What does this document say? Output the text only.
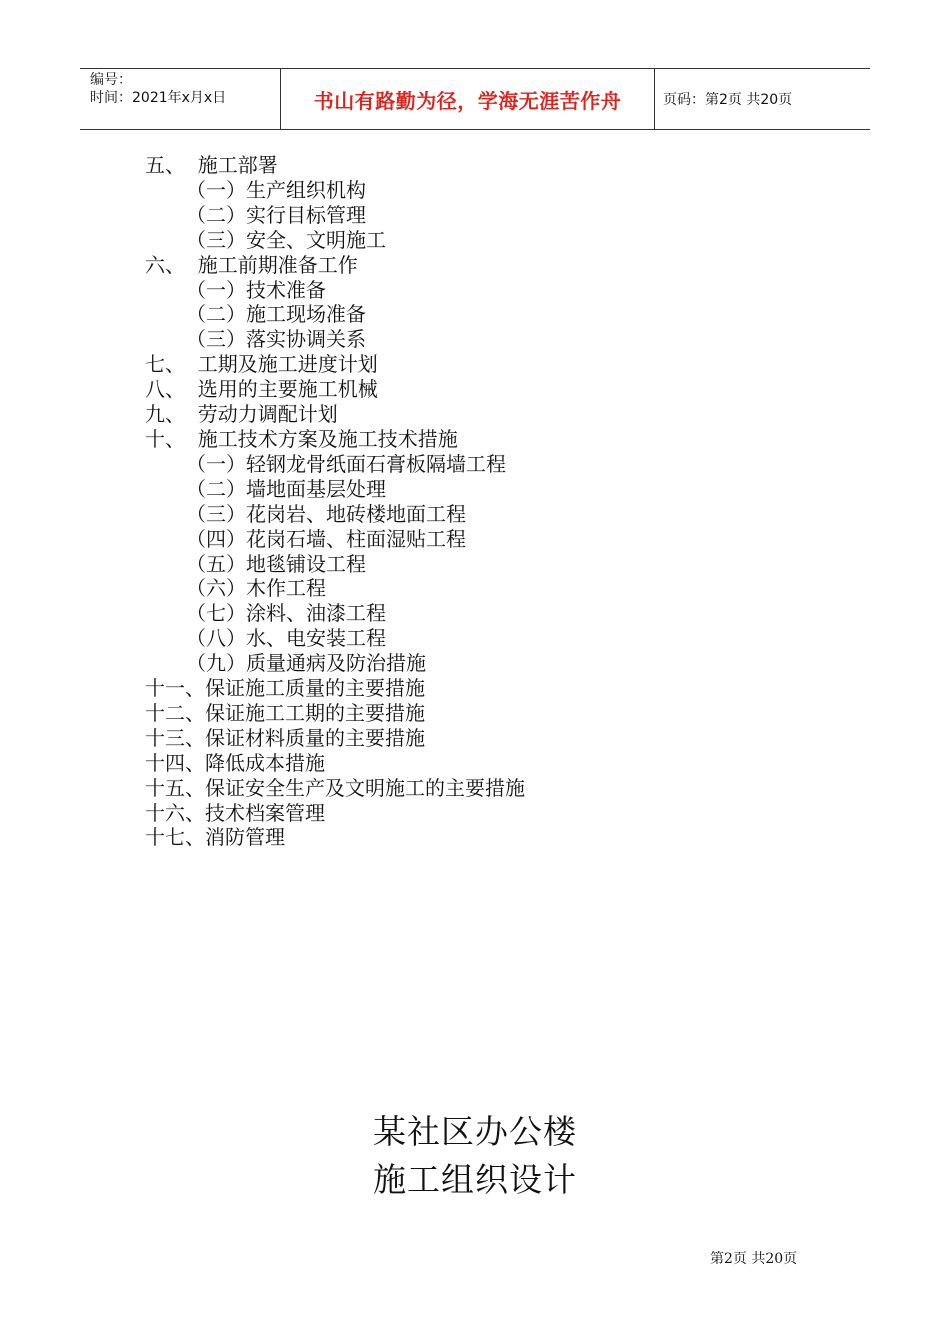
编号：
时间：2021年x月x日	书山有路勤为径，学海无涯苦作舟	页码：第2页 共20页
五、  施工部署
（一）生产组织机构
（二）实行目标管理
（三）安全、文明施工
六、  施工前期准备工作
（一）技术准备
（二）施工现场准备
（三）落实协调关系
七、  工期及施工进度计划
八、  选用的主要施工机械
九、  劳动力调配计划
十、  施工技术方案及施工技术措施
（一）轻钢龙骨纸面石膏板隔墙工程
（二）墙地面基层处理
（三）花岗岩、地砖楼地面工程
（四）花岗石墙、柱面湿贴工程
（五）地毯铺设工程
（六）木作工程
（七）涂料、油漆工程
（八）水、电安装工程
（九）质量通病及防治措施
十一、保证施工质量的主要措施
十二、保证施工工期的主要措施
十三、保证材料质量的主要措施
十四、降低成本措施
十五、保证安全生产及文明施工的主要措施
十六、技术档案管理
十七、消防管理
某社区办公楼
施工组织设计
第2页 共20页
